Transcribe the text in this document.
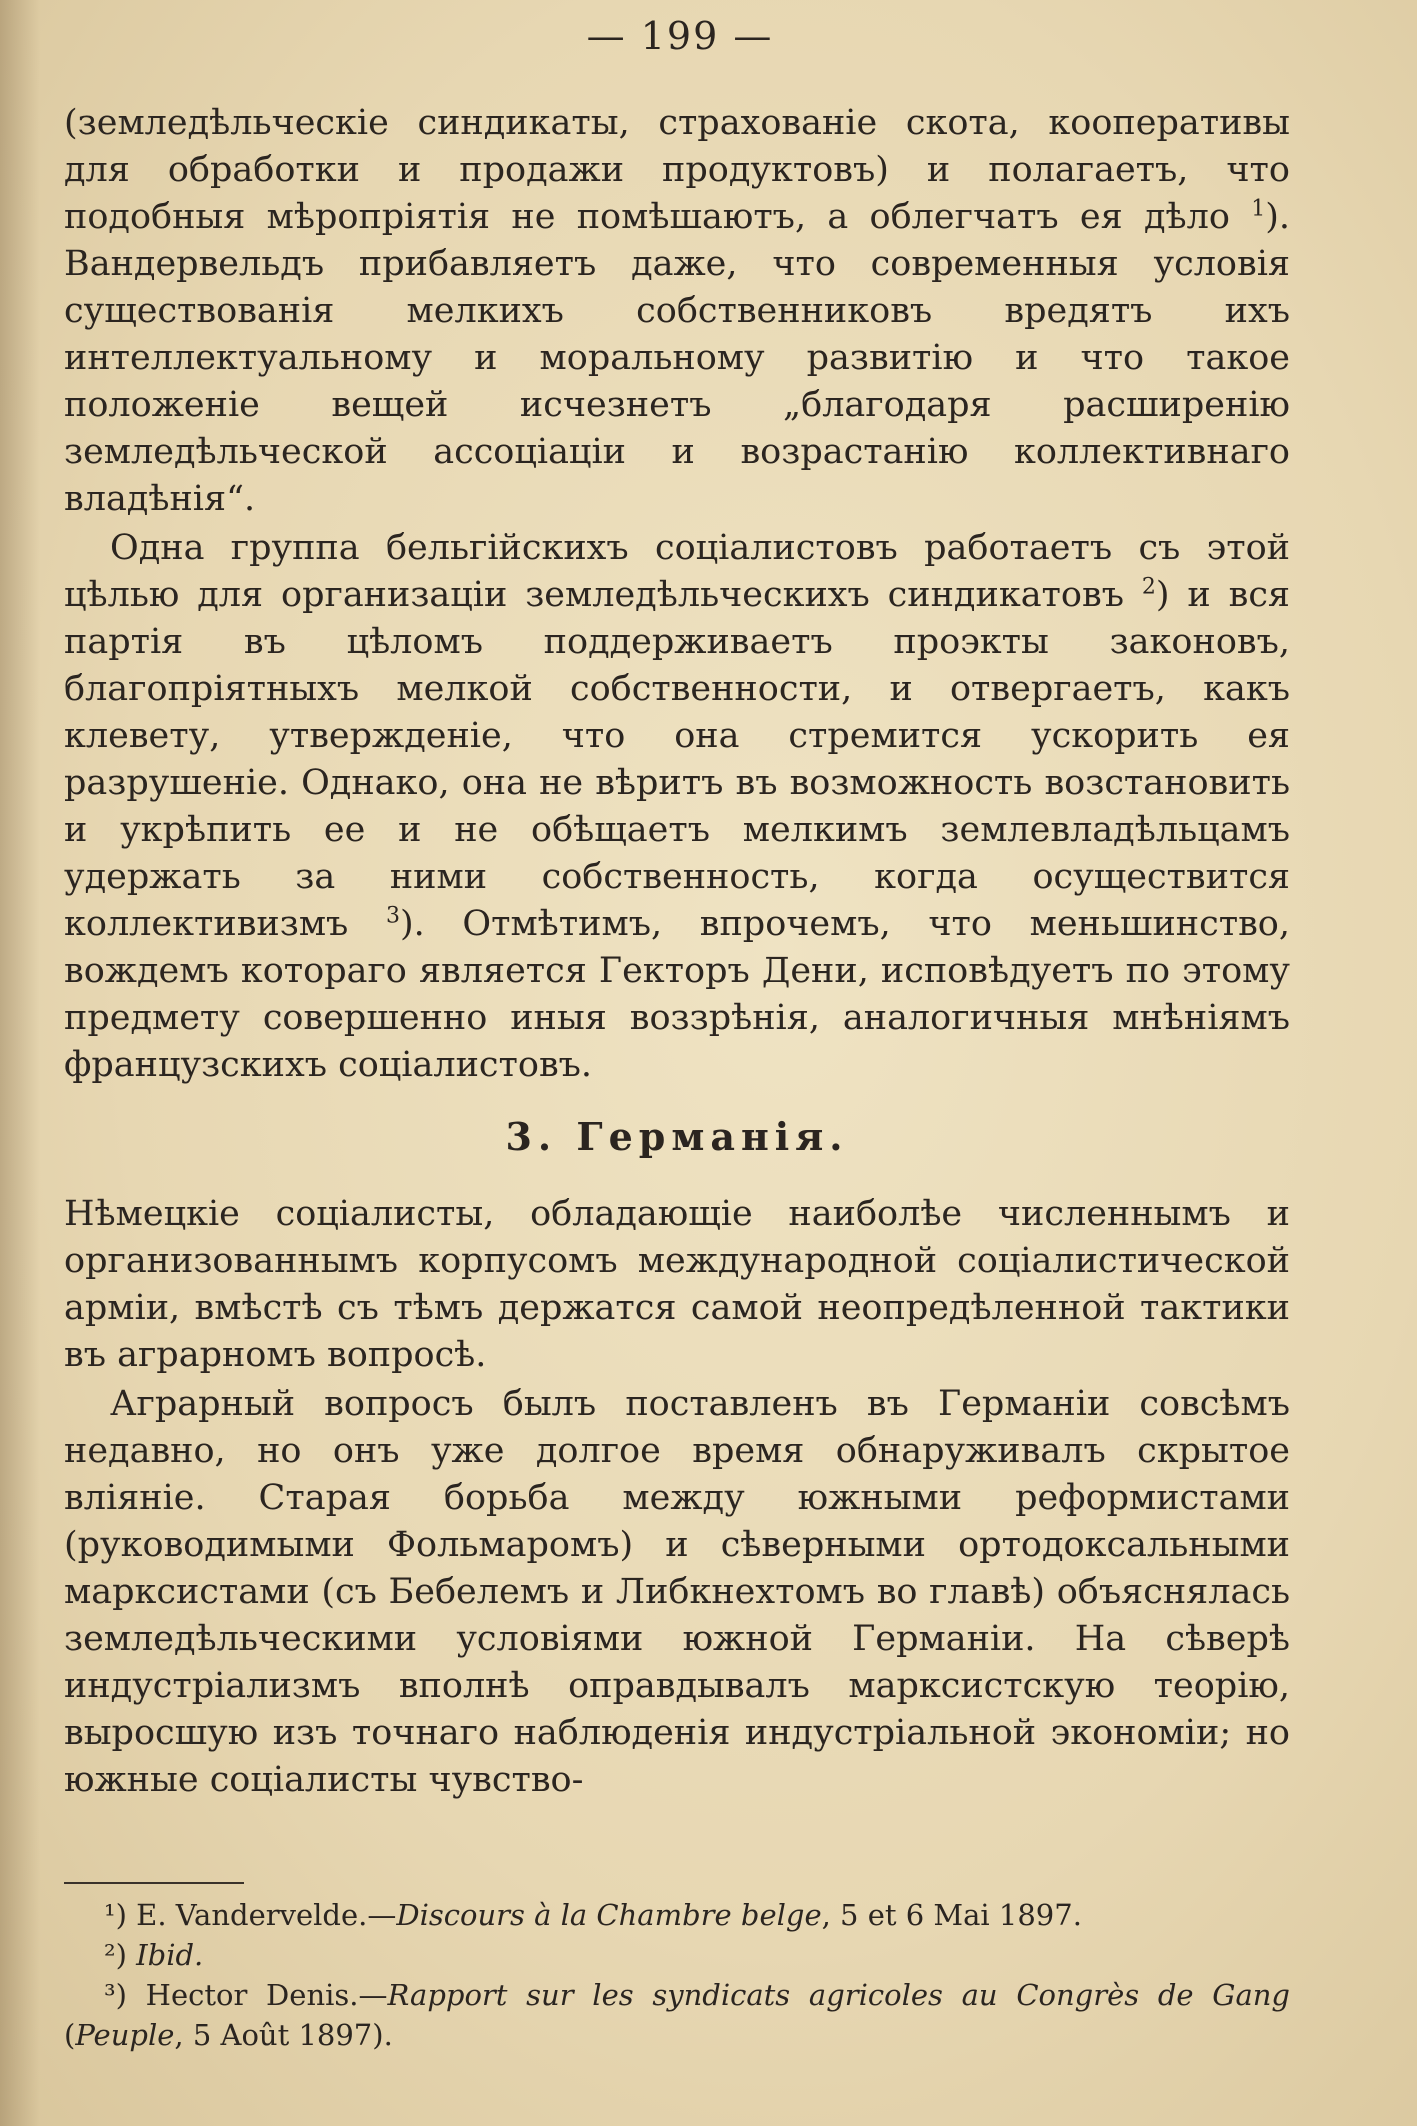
— 199 —

(земледѣльческіе синдикаты, страхованіе скота, кооперативы для обработки и продажи продуктовъ) и полагаетъ, что подобныя мѣропріятія не помѣшаютъ, а облегчатъ ея дѣло $^1$). Вандервельдъ прибавляетъ даже, что современныя условія существованія мелкихъ собственниковъ вредятъ ихъ интеллектуальному и моральному развитію и что такое положеніе вещей исчезнетъ „благодаря расширенію земледѣльческой ассоціаціи и возрастанію коллективнаго владѣнія“.

Одна группа бельгійскихъ соціалистовъ работаетъ съ этой цѣлью для организаціи земледѣльческихъ синдикатовъ $^2$) и вся партія въ цѣломъ поддерживаетъ проэкты законовъ, благопріятныхъ мелкой собственности, и отвергаетъ, какъ клевету, утвержденіе, что она стремится ускорить ея разрушеніе. Однако, она не вѣритъ въ возможность возстановить и укрѣпить ее и не обѣщаетъ мелкимъ землевладѣльцамъ удержать за ними собственность, когда осуществится коллективизмъ $^3$). Отмѣтимъ, впрочемъ, что меньшинство, вождемъ котораго является Гекторъ Дени, исповѣдуетъ по этому предмету совершенно иныя воззрѣнія, аналогичныя мнѣніямъ французскихъ соціалистовъ.

3. Германія.

Нѣмецкіе соціалисты, обладающіе наиболѣе численнымъ и организованнымъ корпусомъ международной соціалистической арміи, вмѣстѣ съ тѣмъ держатся самой неопредѣленной тактики въ аграрномъ вопросѣ.

Аграрный вопросъ былъ поставленъ въ Германіи совсѣмъ недавно, но онъ уже долгое время обнаруживалъ скрытое вліяніе. Старая борьба между южными реформистами (руководимыми Фольмаромъ) и сѣверными ортодоксальными марксистами (съ Бебелемъ и Либкнехтомъ во главѣ) объяснялась земледѣльческими условіями южной Германіи. На сѣверѣ индустріализмъ вполнѣ оправдывалъ марксистскую теорію, выросшую изъ точнаго наблюденія индустріальной экономіи; но южные соціалисты чувство-

¹) E. Vandervelde.—Discours à la Chambre belge, 5 et 6 Mai 1897.
²) Ibid.
³) Hector Denis.—Rapport sur les syndicats agricoles au Congrès de Gang (Peuple, 5 Août 1897).
